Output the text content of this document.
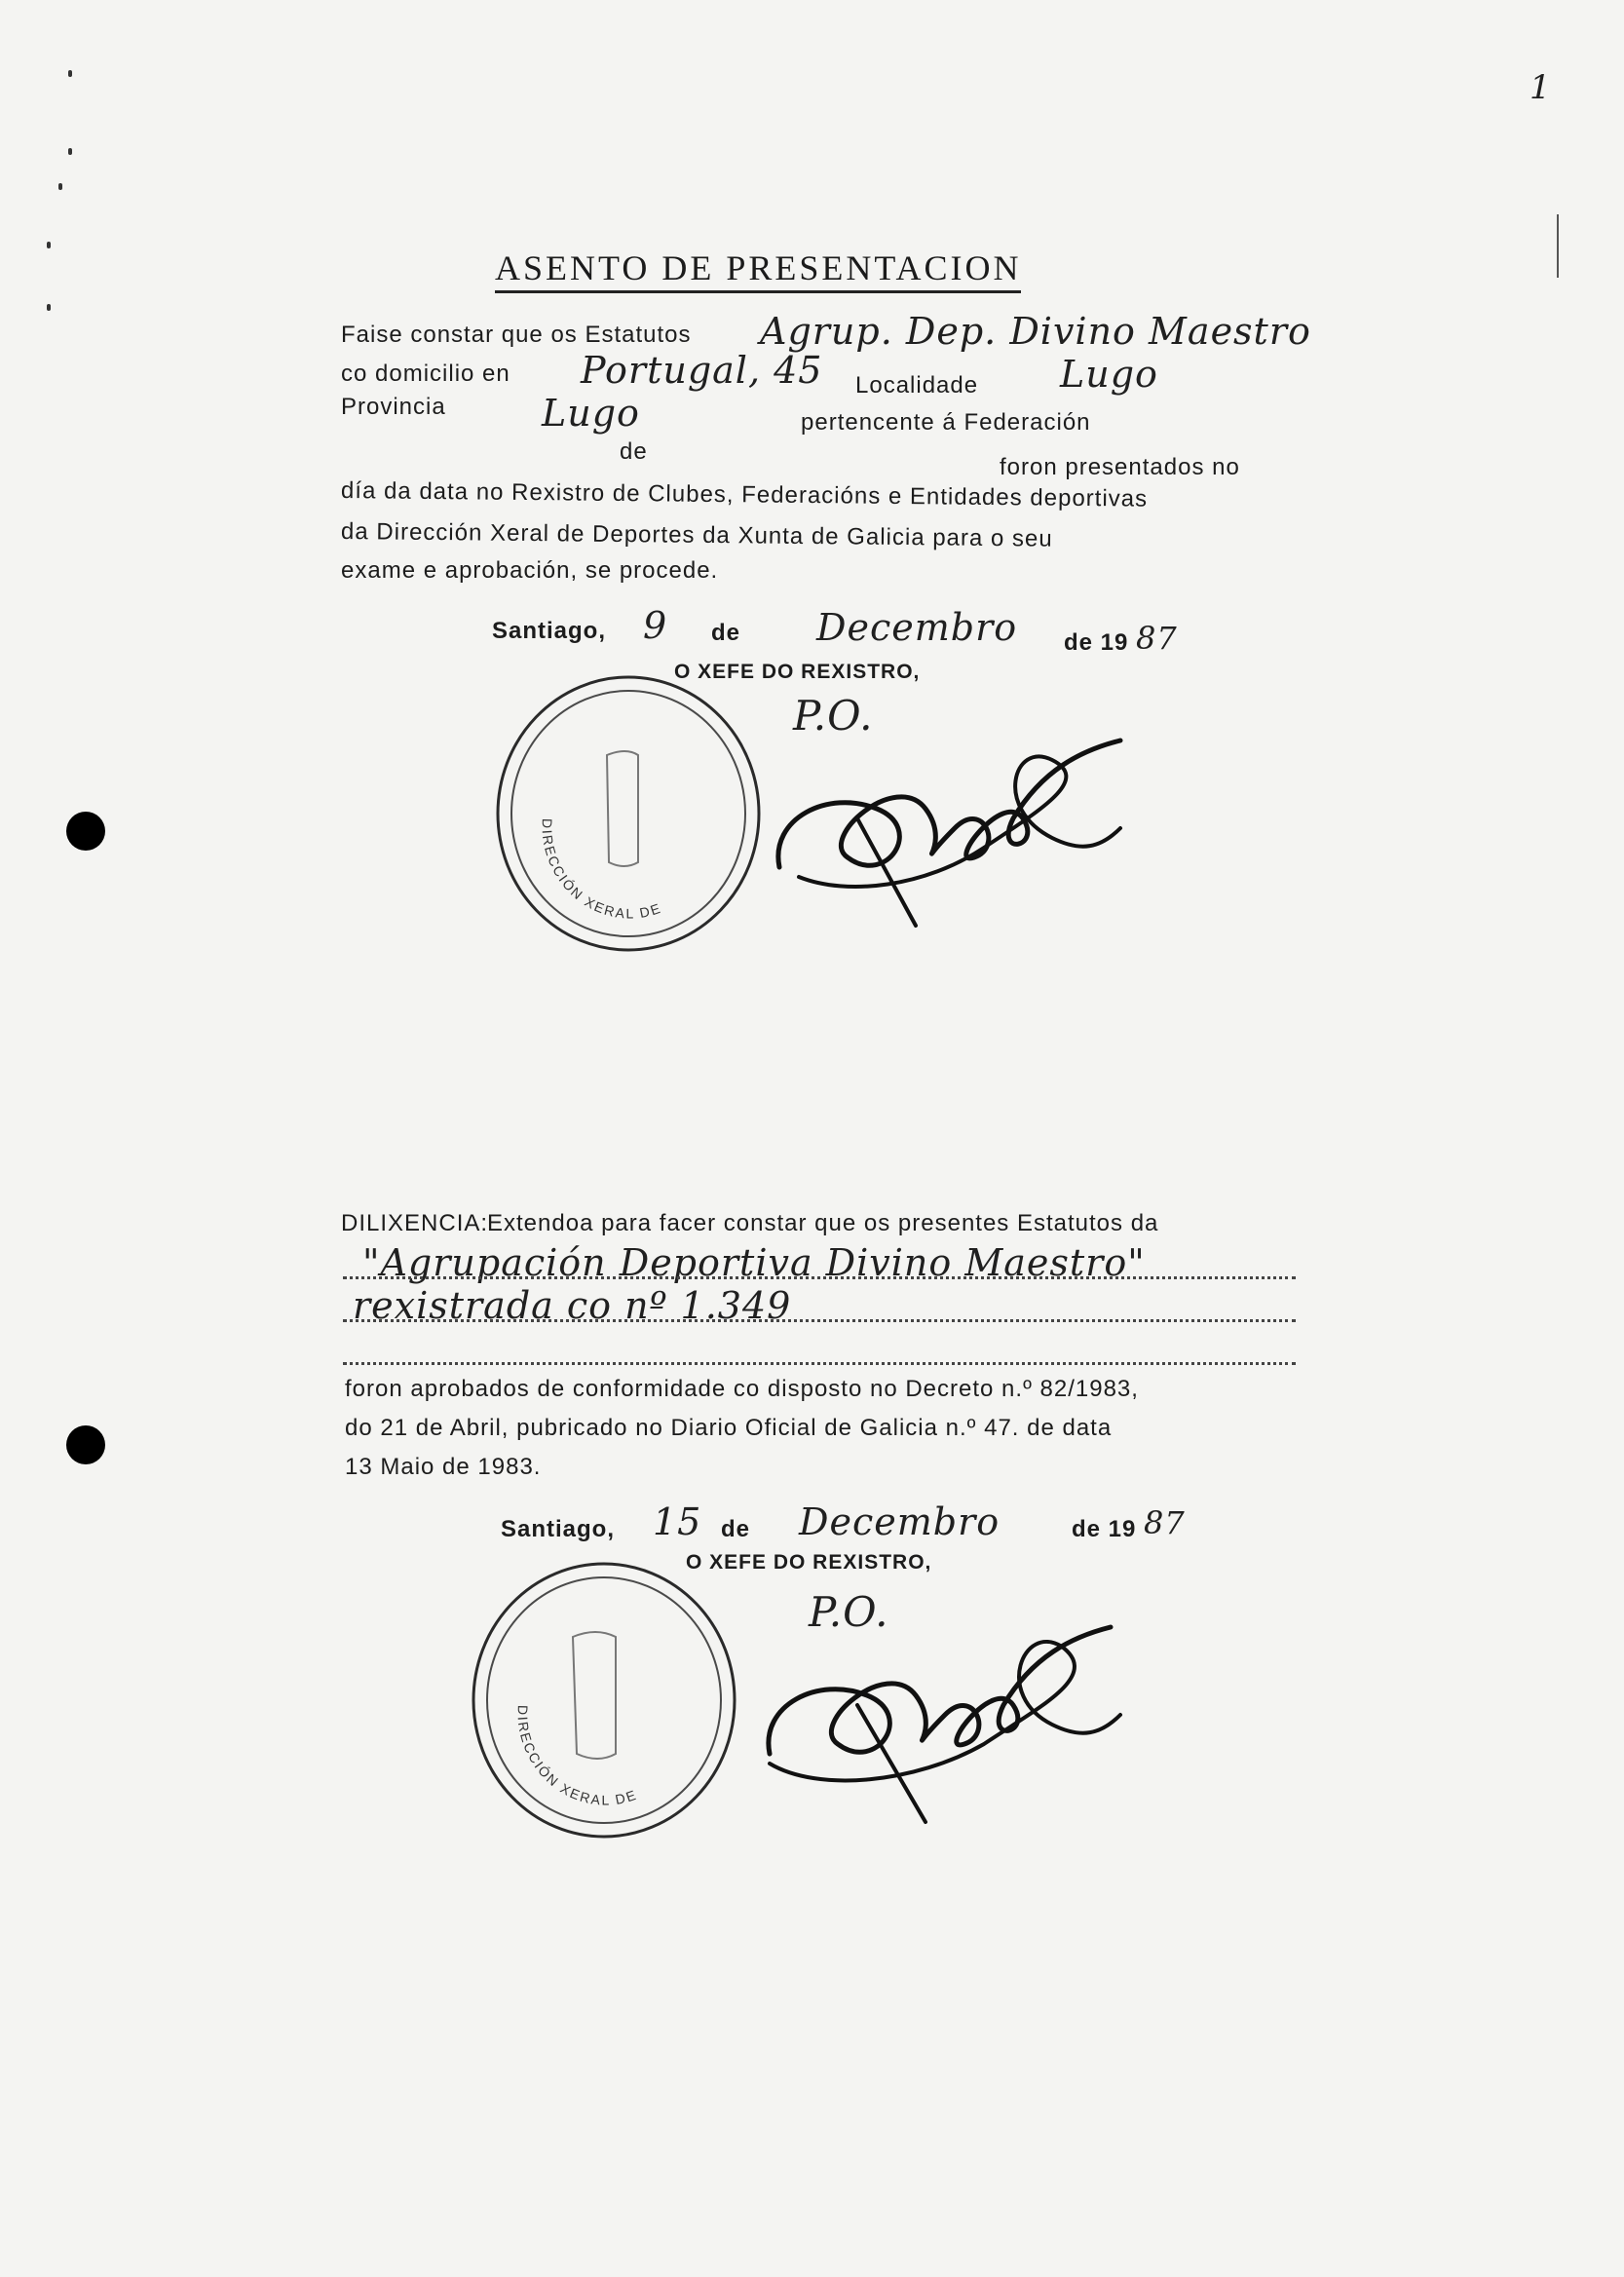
1
ASENTO DE PRESENTACION
Faise constar que os Estatutos Agrup. Dep. Divino Maestro
co domicilio en Portugal, 45 Localidade Lugo
Provincia	Lugo	pertencente á Federación
de
foron presentados no
día da data no Rexistro de Clubes, Federacións e Entidades deportivas
da Dirección Xeral de Deportes da Xunta de Galicia para o seu
exame e aprobación, se procede.
Santiago, 9 de Decembro de 19 87
O XEFE DO REXISTRO,
P.O.
DIRECCIÓN XERAL DE
DILIXENCIA:
Extendoa para facer constar que os presentes Estatutos da
"Agrupación Deportiva Divino Maestro"
rexistrada co nº 1.349
foron aprobados de conformidade co disposto no Decreto n.º 82/1983,
do 21 de Abril, pubricado no Diario Oficial de Galicia n.º 47. de data
13 Maio de 1983.
Santiago, 15 de Decembro	de 19 87
O XEFE DO REXISTRO,
P.O.
DIRECCIÓN XERAL DE
